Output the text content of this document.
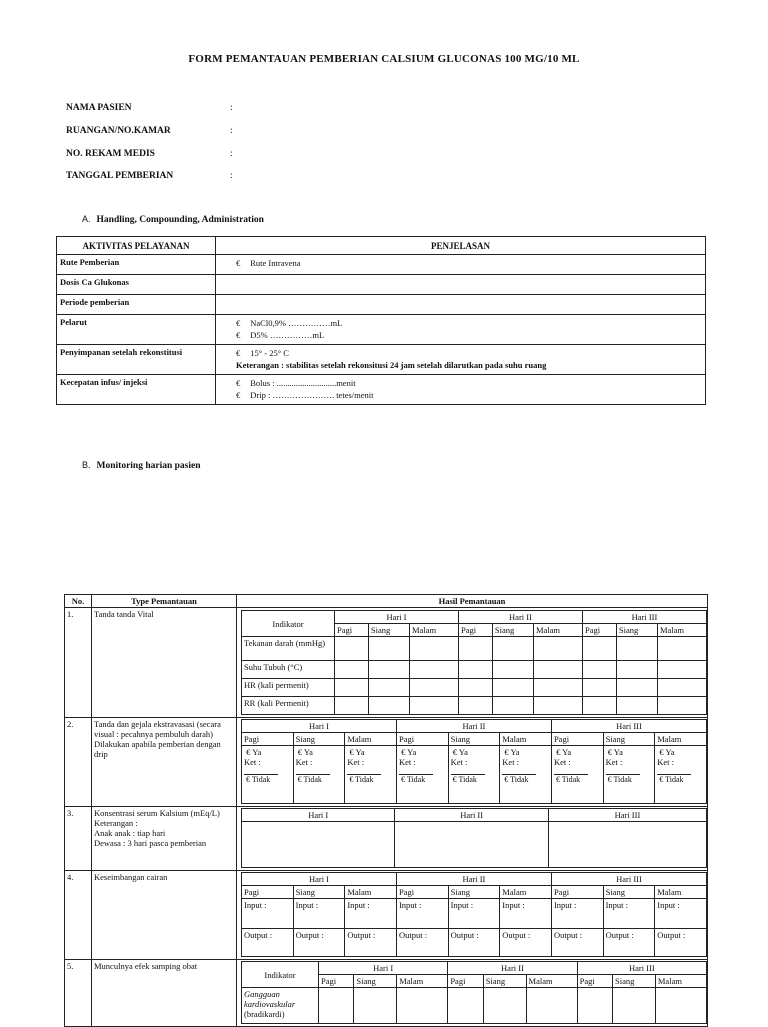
FORM PEMANTAUAN PEMBERIAN CALSIUM GLUCONAS 100 MG/10 ML
NAMA PASIEN	:
RUANGAN/NO.KAMAR	:
NO. REKAM MEDIS	:
TANGGAL PEMBERIAN	:
A. Handling, Compounding, Administration
AKTIVITAS PELAYANAN	PENJELASAN
Rute Pemberian	€ Rute Intravena

Dosis Ca Glukonas	
Periode pemberian	
Pelarut	€ NaCl0,9% ……………mL
€ D5% ……………mL

Penyimpanan setelah rekonstitusi	€ 15° - 25° C
Keterangan : stabilitas setelah rekonsitusi 24 jam setelah dilarutkan pada suhu ruang

Kecepatan infus/ injeksi	€ Bolus : ............................menit
€ Drip : …………………. tetes/menit
B. Monitoring harian pasien
No.	Type Pemantauan	Hasil Pemantauan
1.	Tanda tanda Vital	
Indikator	Hari I	Hari II	Hari III
Pagi	Siang	Malam	Pagi	Siang	Malam	Pagi	Siang	Malam
Tekanan darah (mmHg)									
Suhu Tubuh (°C)									
HR (kali permenit)									
RR (kali Permenit)									

2.	Tanda dan gejala ekstravasasi (secara visual : pecahnya pembuluh darah) Dilakukan apabila pemberian dengan drip	
Hari I	Hari II	Hari III
Pagi	Siang	Malam	Pagi	Siang	Malam	Pagi	Siang	Malam

€ Ya
Ket :
€ Tidak

€ Ya
Ket :
€ Tidak

€ Ya
Ket :
€ Tidak

€ Ya
Ket :
€ Tidak

€ Ya
Ket :
€ Tidak

€ Ya
Ket :
€ Tidak

€ Ya
Ket :
€ Tidak

€ Ya
Ket :
€ Tidak

€ Ya
Ket :
€ Tidak

3.	Konsentrasi serum Kalsium (mEq/L)
Keterangan :
Anak anak : tiap hari
Dewasa : 3 hari pasca pemberian

Hari I	Hari II	Hari III

4.	Keseimbangan cairan		Hari I	Hari II	Hari III
Pagi	Siang	Malam	Pagi	Siang	Malam	Pagi	Siang	Malam
Input :	Input :	Input :	Input :	Input :	Input :	Input :	Input :	Input :
Output :	Output :	Output :	Output :	Output :	Output :	Output :	Output :	Output :

5.	Munculnya efek samping obat	
Indikator	Hari I	Hari II	Hari III
Pagi	Siang	Malam	Pagi	Siang	Malam	Pagi	Siang	Malam

Gangguan kardiovaskular
(bradikardi)
